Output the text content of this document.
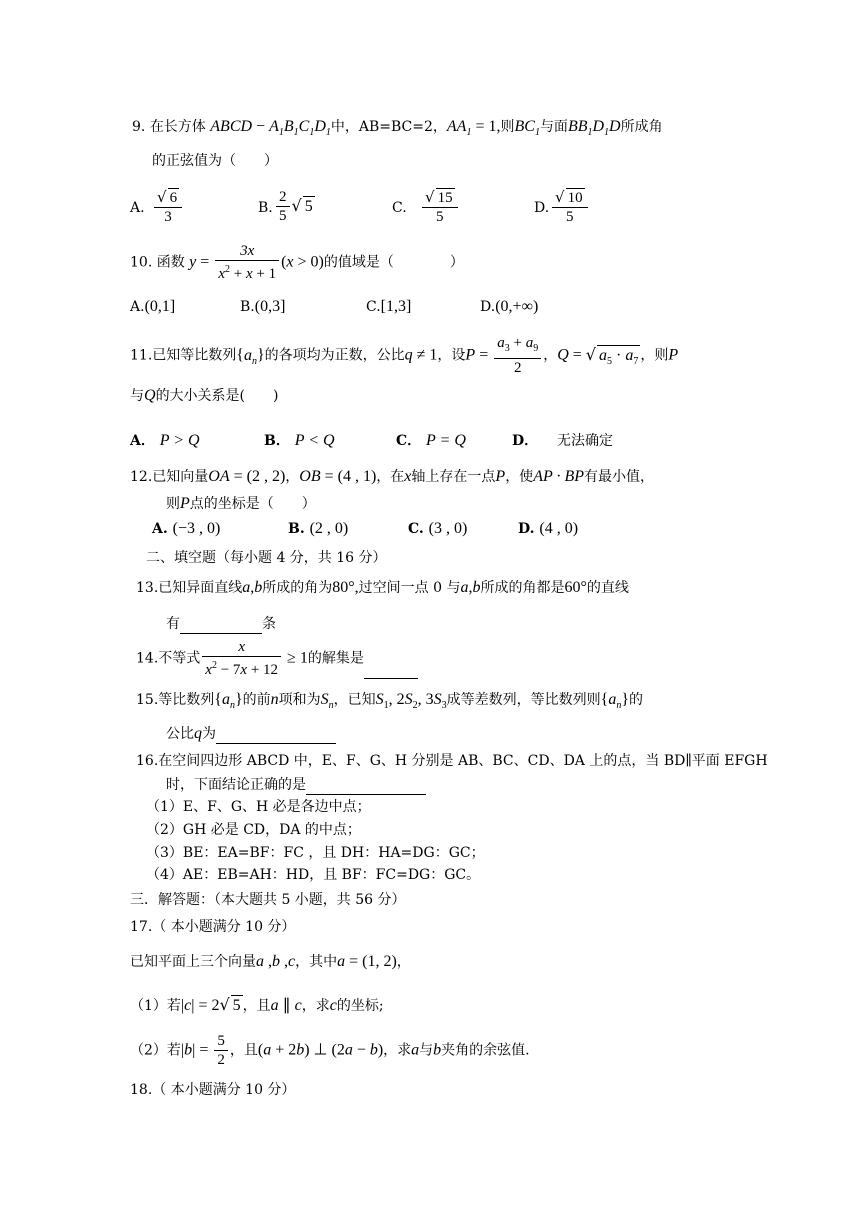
9. 在长方体 ABCD − $A_1B_1C_1D_1$中，AB=BC=2，$AA_1 = 1$,则$BC_1$与面$BB_1D_1D$所成角
的正弦值为（　　）
A. $\frac{√ 6}{3}$	B. $\frac{2}{5}$ √ 5	C. $\frac{√ 15}{5}$	D. $\frac{√ 10}{5}$
10. 函数 $y = \frac{3x}{x^2 + x + 1} (x > 0)$的值域是（　　　　）
A.(0,1]	B.(0,3]	C.[1,3]	D.(0,+∞)
11.已知等比数列$\{a_n\}$的各项均为正数，公比q ≠ 1，设$P = \frac{a_3 + a_9}{2}$ ，Q = √ $a_5 \cdot a_7$ ，则P
与Q的大小关系是(　　)
A． P > Q	B． P < Q	C． P = Q	D． 无法确定
12.已知向量OA = (2 , 2)，OB = (4 , 1)，在x轴上存在一点P，使AP · BP有最小值，
则P点的坐标是（　　）
A. (−3 , 0)	B. (2 , 0)	C. (3 , 0)	D. (4 , 0)
二、填空题（每小题 4 分，共 16 分）
13.已知异面直线a,b所成的角为80°,过空间一点 0 与a,b所成的角都是60°的直线
有	条
14.不等式 $\frac{x}{x^2 - 7x + 12} \ge 1$的解集是
15.等比数列$\{a_n\}$的前n项和为$S_n$，已知$S_1$, $2S_2$, $3S_3$成等差数列，等比数列则$\{a_n\}$的
公比q为
16.在空间四边形 ABCD 中，E、F、G、H 分别是 AB、BC、CD、DA 上的点，当 BD∥平面 EFGH
时，下面结论正确的是
（1）E、F、G、H 必是各边中点；
（2）GH 必是 CD，DA 的中点；
（3）BE：EA=BF：FC ，且 DH：HA=DG：GC；
（4）AE：EB=AH：HD，且 BF：FC=DG：GC。
三．解答题：（本大题共 5 小题，共 56 分）
17.（ 本小题满分 10 分）
已知平面上三个向量a ,b ,c，其中a = (1, 2)，
（1）若|c| = 2√ 5 ，且a ∥ c，求c的坐标;
（2）若$|b| = \frac{5}{2}$ ，且(a + 2b) ⊥ (2a − b)，求a与b夹角的余弦值.
18.（ 本小题满分 10 分）
